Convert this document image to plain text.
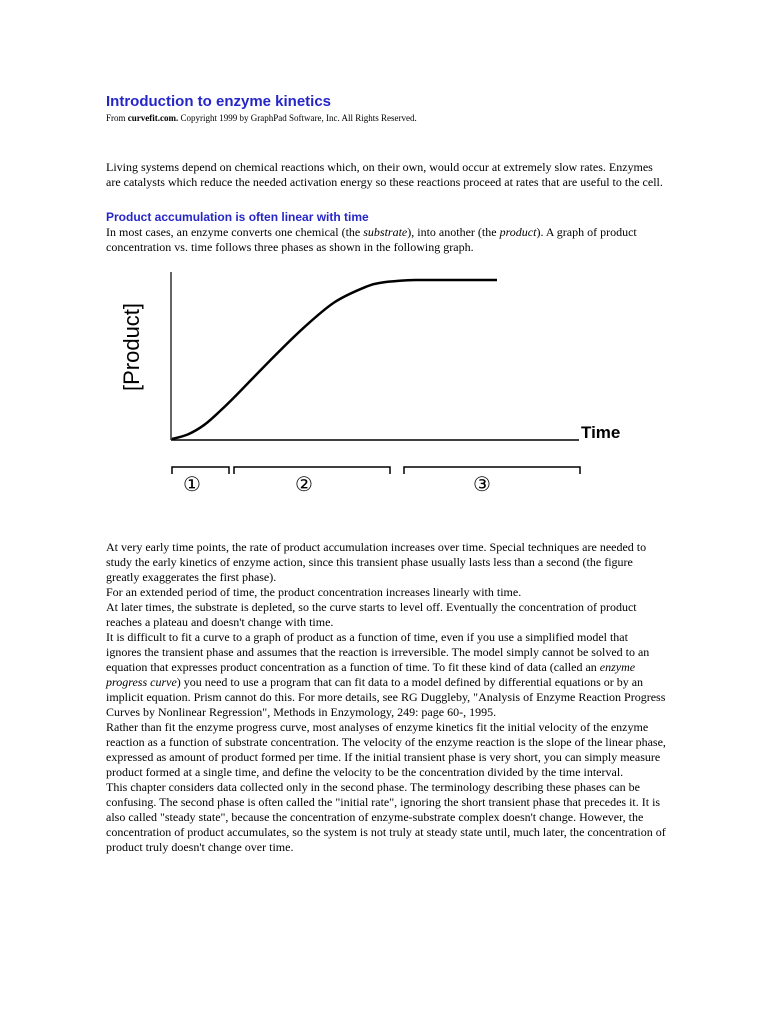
Introduction to enzyme kinetics
From curvefit.com. Copyright 1999 by GraphPad Software, Inc. All Rights Reserved.

Living systems depend on chemical reactions which, on their own, would occur at extremely slow rates. Enzymes are catalysts which reduce the needed activation energy so these reactions proceed at rates that are useful to the cell.

Product accumulation is often linear with time

In most cases, an enzyme converts one chemical (the substrate), into another (the product). A graph of product concentration vs. time follows three phases as shown in the following graph.

①	②	③
[Product]
Time

At very early time points, the rate of product accumulation increases over time. Special techniques are needed to study the early kinetics of enzyme action, since this transient phase usually lasts less than a second (the figure greatly exaggerates the first phase).

For an extended period of time, the product concentration increases linearly with time.

At later times, the substrate is depleted, so the curve starts to level off. Eventually the concentration of product reaches a plateau and doesn't change with time.

It is difficult to fit a curve to a graph of product as a function of time, even if you use a simplified model that ignores the transient phase and assumes that the reaction is irreversible. The model simply cannot be solved to an equation that expresses product concentration as a function of time. To fit these kind of data (called an enzyme progress curve) you need to use a program that can fit data to a model defined by differential equations or by an implicit equation. Prism cannot do this. For more details, see RG Duggleby, "Analysis of Enzyme Reaction Progress Curves by Nonlinear Regression", Methods in Enzymology, 249: page 60-, 1995.

Rather than fit the enzyme progress curve, most analyses of enzyme kinetics fit the initial velocity of the enzyme reaction as a function of substrate concentration. The velocity of the enzyme reaction is the slope of the linear phase, expressed as amount of product formed per time. If the initial transient phase is very short, you can simply measure product formed at a single time, and define the velocity to be the concentration divided by the time interval.

This chapter considers data collected only in the second phase. The terminology describing these phases can be confusing. The second phase is often called the "initial rate", ignoring the short transient phase that precedes it. It is also called "steady state", because the concentration of enzyme-substrate complex doesn't change. However, the concentration of product accumulates, so the system is not truly at steady state until, much later, the concentration of product truly doesn't change over time.
